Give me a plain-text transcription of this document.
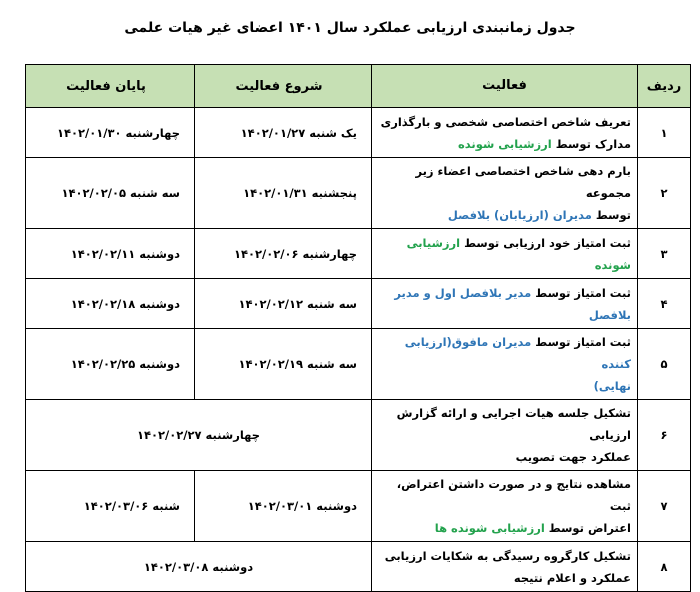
جدول زمانبندی ارزیابی عملکرد سال ۱۴۰۱ اعضای غیر هیات علمی
ردیف	فعالیت	شروع فعالیت	پایان فعالیت
۱	تعریف شاخص اختصاصی شخصی و بارگذاری
مدارک توسط ارزشیابی شونده	یک شنبه ۱۴۰۲/۰۱/۲۷	چهارشنبه ۱۴۰۲/۰۱/۳۰
۲	بارم دهی شاخص اختصاصی اعضاء زیر مجموعه
توسط مدیران (ارزیابان) بلافصل	پنجشنبه ۱۴۰۲/۰۱/۳۱	سه شنبه ۱۴۰۲/۰۲/۰۵
۳	ثبت امتیاز خود ارزیابی توسط ارزشیابی شونده	چهارشنبه ۱۴۰۲/۰۲/۰۶	دوشنبه ۱۴۰۲/۰۲/۱۱
۴	ثبت امتیاز توسط مدیر بلافصل اول و مدیر بلافصل	سه شنبه ۱۴۰۲/۰۲/۱۲	دوشنبه ۱۴۰۲/۰۲/۱۸
۵	ثبت امتیاز توسط مدیران مافوق(ارزیابی کننده
نهایی)	سه شنبه ۱۴۰۲/۰۲/۱۹	دوشنبه ۱۴۰۲/۰۲/۲۵
۶	تشکیل جلسه هیات اجرایی و ارائه گزارش ارزیابی
عملکرد جهت تصویب	چهارشنبه ۱۴۰۲/۰۲/۲۷	
۷	مشاهده نتایج و در صورت داشتن اعتراض، ثبت
اعتراض توسط ارزشیابی شونده ها	دوشنبه ۱۴۰۲/۰۳/۰۱	شنبه ۱۴۰۲/۰۳/۰۶
۸	تشکیل کارگروه رسیدگی به شکایات ارزیابی
عملکرد و اعلام نتیجه	دوشنبه ۱۴۰۲/۰۳/۰۸	
